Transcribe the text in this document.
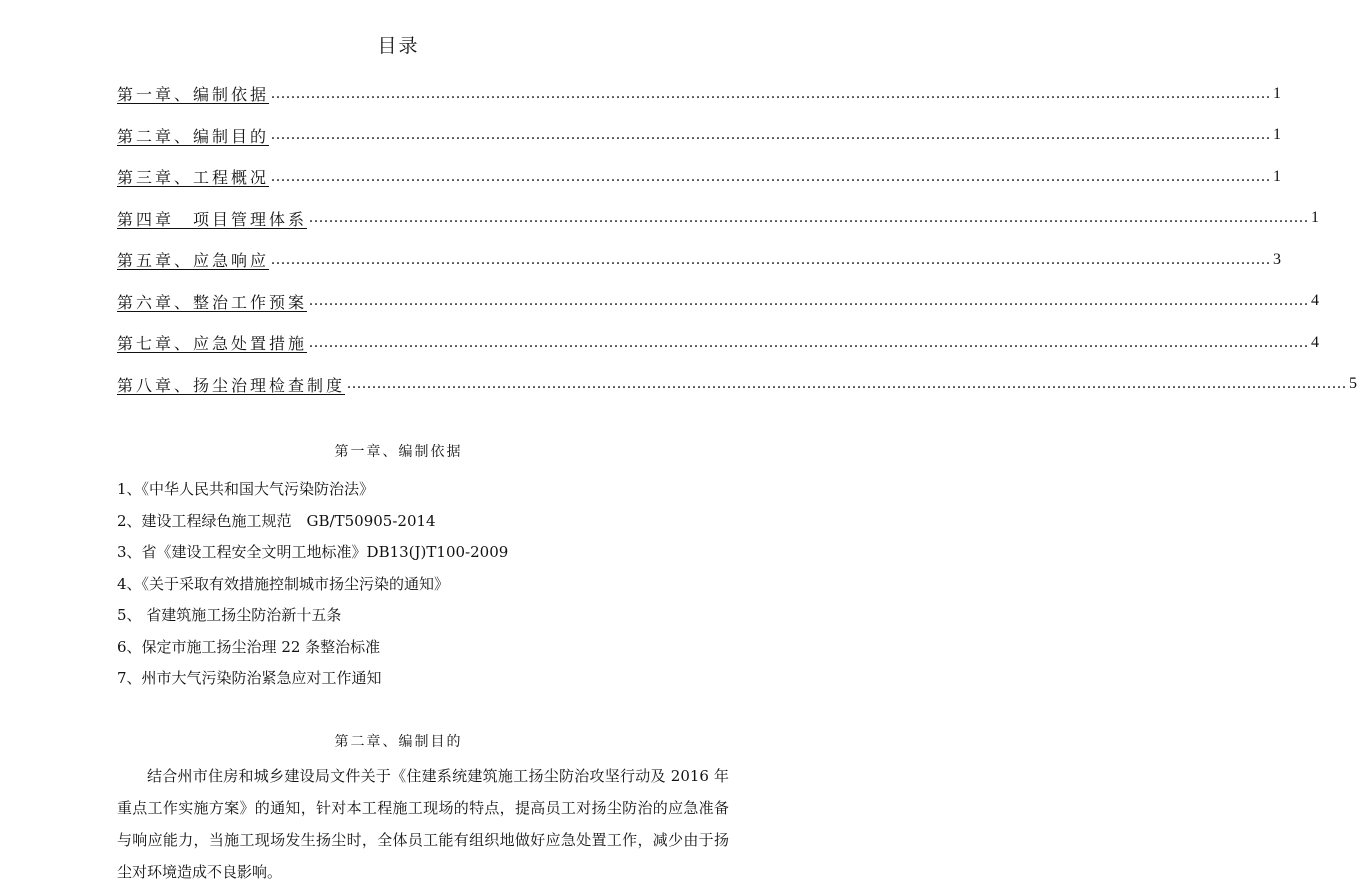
目录
第一章、编制依据 ........................................................................................................................................................................................................ 1
第二章、编制目的 ........................................................................................................................................................................................................ 1
第三章、工程概况 ........................................................................................................................................................................................................ 1
第四章　项目管理体系 ........................................................................................................................................................................................................ 1
第五章、应急响应 ........................................................................................................................................................................................................ 3
第六章、整治工作预案 ........................................................................................................................................................................................................ 4
第七章、应急处置措施 ........................................................................................................................................................................................................ 4
第八章、扬尘治理检查制度 ........................................................................................................................................................................................................ 5
第一章、编制依据
1、《中华人民共和国大气污染防治法》
2、建设工程绿色施工规范　GB/T50905-2014
3、省《建设工程安全文明工地标准》DB13(J)T100-2009
4、《关于采取有效措施控制城市扬尘污染的通知》
5、 省建筑施工扬尘防治新十五条
6、保定市施工扬尘治理 22 条整治标准
7、州市大气污染防治紧急应对工作通知
第二章、编制目的

结合州市住房和城乡建设局文件关于《住建系统建筑施工扬尘防治攻坚行动及 2016 年重点工作实施方案》的通知，针对本工程施工现场的特点，提高员工对扬尘防治的应急准备与响应能力，当施工现场发生扬尘时，全体员工能有组织地做好应急处置工作，减少由于扬尘对环境造成不良影响。
